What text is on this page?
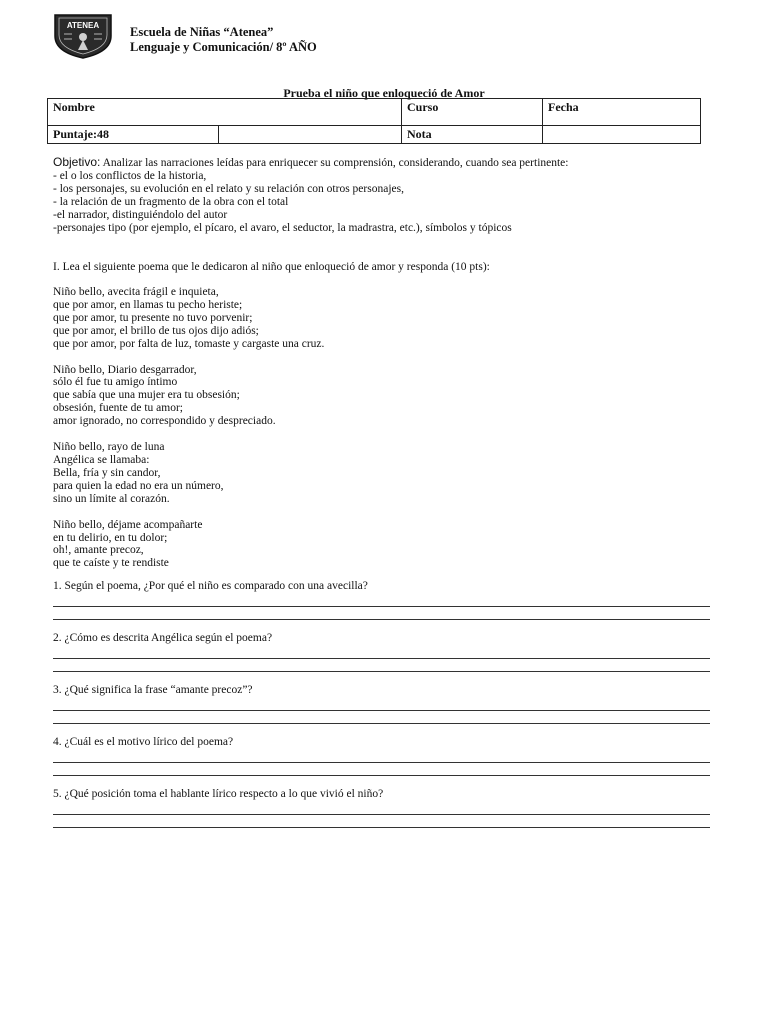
ATENEA Escuela de Niñas “Atenea”
Lenguaje y Comunicación/ 8º AÑO
Prueba el niño que enloqueció de Amor
Nombre		Curso	Fecha
Puntaje:48		Nota	
Objetivo: Analizar las narraciones leídas para enriquecer su comprensión, considerando, cuando sea pertinente:
- el o los conflictos de la historia,
- los personajes, su evolución en el relato y su relación con otros personajes,
- la relación de un fragmento de la obra con el total
-el narrador, distinguiéndolo del autor
-personajes tipo (por ejemplo, el pícaro, el avaro, el seductor, la madrastra, etc.), símbolos y tópicos
I. Lea el siguiente poema que le dedicaron al niño que enloqueció de amor y responda (10 pts):
Niño bello, avecita frágil e inquieta,
que por amor, en llamas tu pecho heriste;
que por amor, tu presente no tuvo porvenir;
que por amor, el brillo de tus ojos dijo adiós;
que por amor, por falta de luz, tomaste y cargaste una cruz.
Niño bello, Diario desgarrador,
sólo él fue tu amigo íntimo
que sabía que una mujer era tu obsesión;
obsesión, fuente de tu amor;
amor ignorado, no correspondido y despreciado.
Niño bello, rayo de luna
Angélica se llamaba:
Bella, fría y sin candor,
para quien la edad no era un número,
sino un límite al corazón.
Niño bello, déjame acompañarte
en tu delirio, en tu dolor;
oh!, amante precoz,
que te caíste y te rendiste
1. Según el poema, ¿Por qué el niño es comparado con una avecilla?
2. ¿Cómo es descrita Angélica según el poema?
3. ¿Qué significa la frase “amante precoz”?
4. ¿Cuál es el motivo lírico del poema?
5. ¿Qué posición toma el hablante lírico respecto a lo que vivió el niño?
